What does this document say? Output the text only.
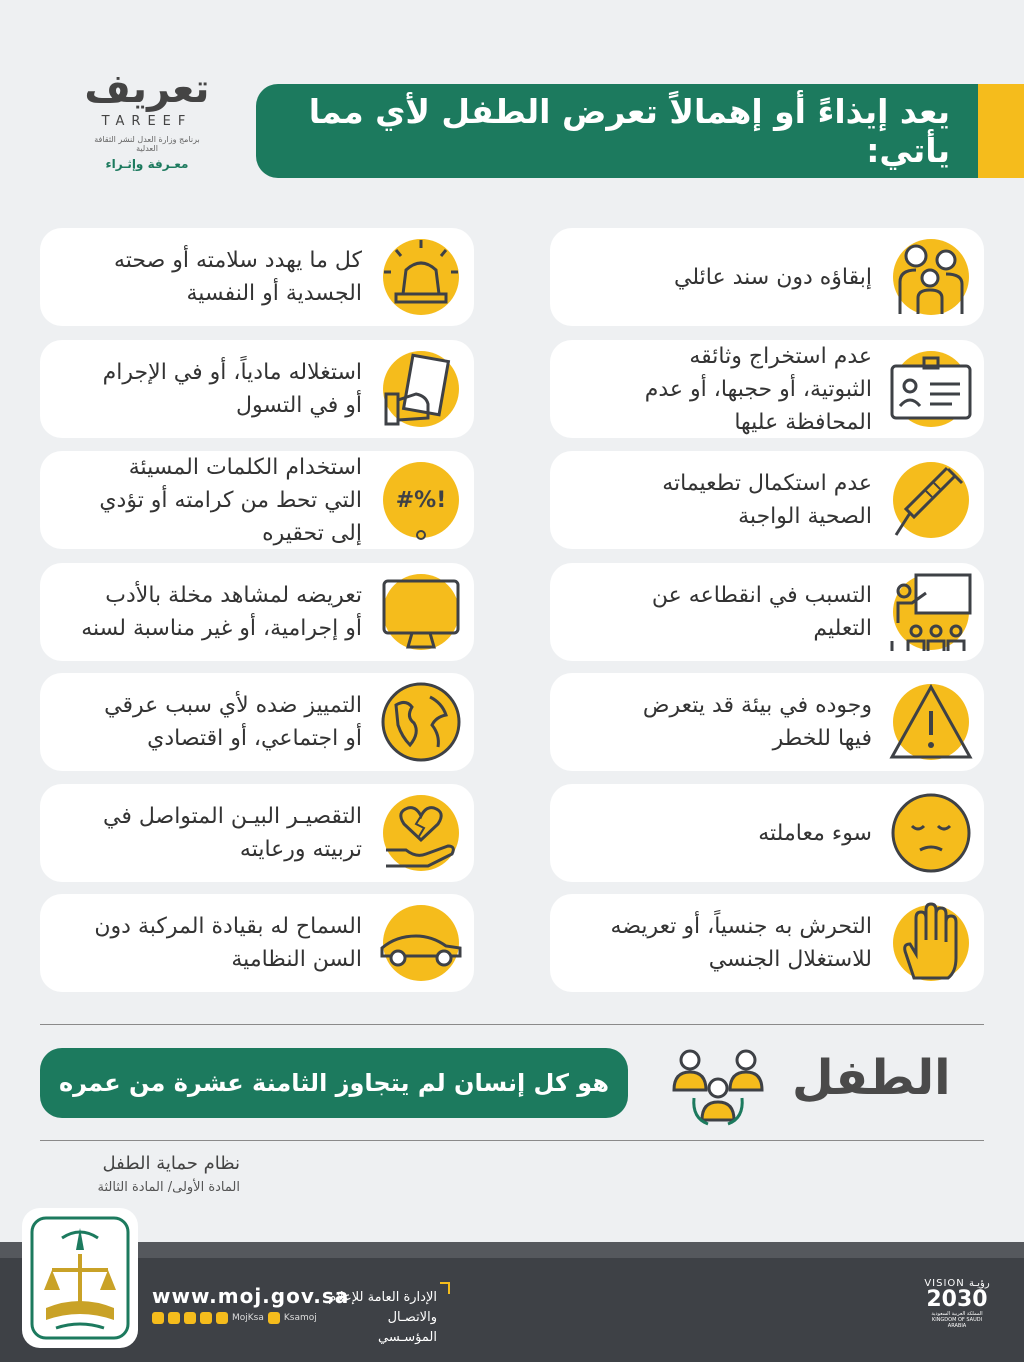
تعريف
TAREEF
برنامج وزارة العدل لنشر الثقافة العدلية
معـرفة وإثـراء
يعد إيذاءً أو إهمالاً تعرض الطفل لأي مما يأتي:
كل ما يهدد سلامته أو صحته
الجسدية أو النفسية
استغلاله مادياً، أو في الإجرام
أو في التسول
#%!
استخدام الكلمات المسيئة
التي تحط من كرامته أو تؤدي
إلى تحقيره
تعريضه لمشاهد مخلة بالأدب
أو إجرامية، أو غير مناسبة لسنه
التمييز ضده لأي سبب عرقي
أو اجتماعي، أو اقتصادي
التقصيـر البيـن المتواصل في
تربيته ورعايته
السماح له بقيادة المركبة دون
السن النظامية
إبقاؤه دون سند عائلي
عدم استخراج وثائقه
الثبوتية، أو حجبها، أو عدم
المحافظة عليها
عدم استكمال تطعيماته
الصحية الواجبة
التسبب في انقطاعه عن
التعليم
وجوده في بيئة قد يتعرض
فيها للخطر
سوء معاملته
التحرش به جنسياً، أو تعريضه
للاستغلال الجنسي
الطفل
هو كل إنسان لم يتجاوز الثامنة عشرة من عمره
نظام حماية الطفل
المادة الأولى/ المادة الثالثة
www.moj.gov.sa
MojKsa Ksamoj
الإدارة العامة للإعلام والاتصـال المؤسـسي
VISION رؤيـة
2030
المملكة العربية السعودية KINGDOM OF SAUDI ARABIA
